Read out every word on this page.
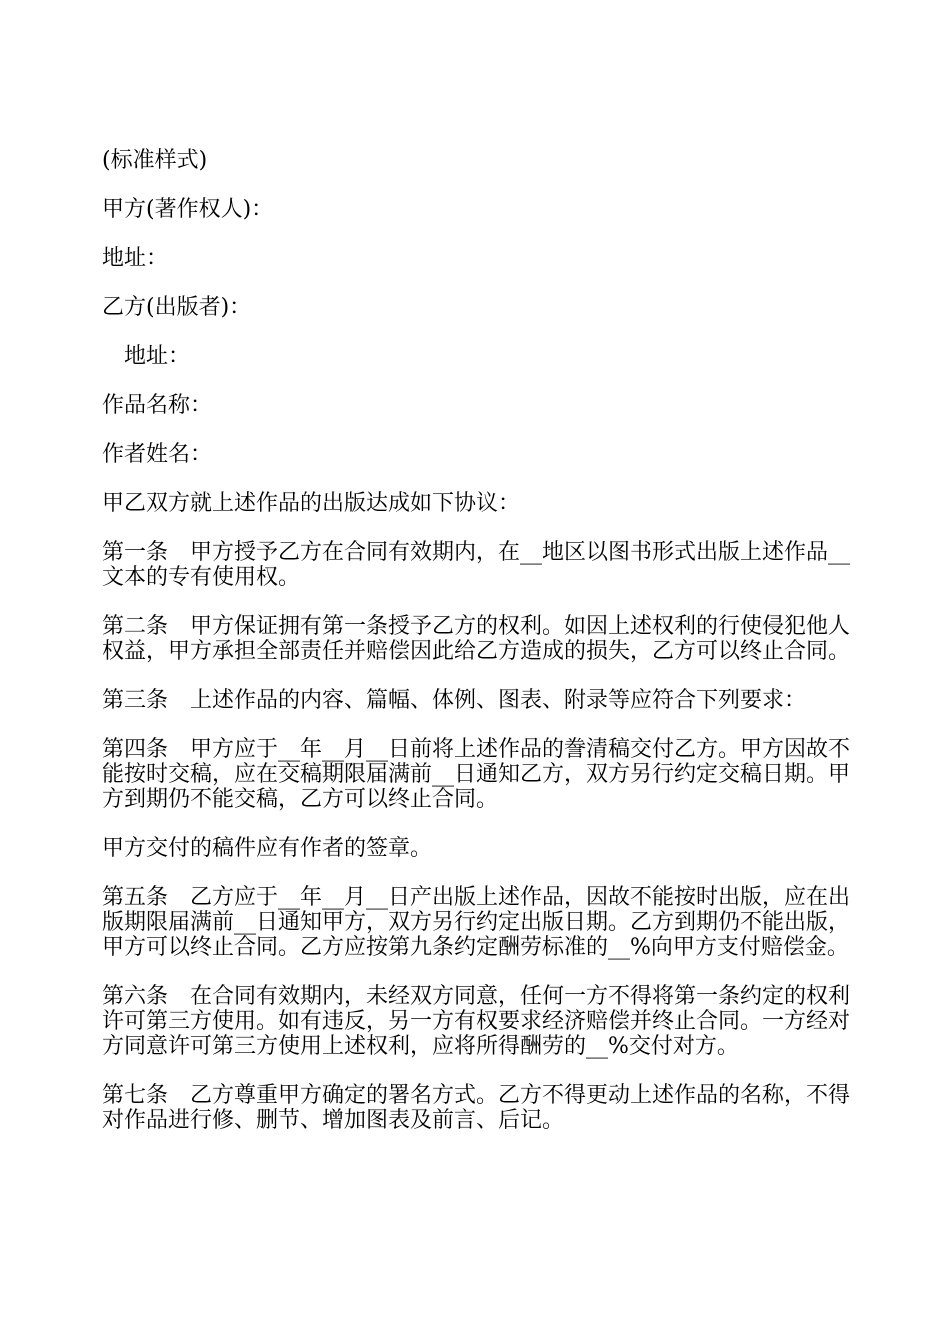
(标准样式)

甲方(著作权人)：

地址：

乙方(出版者)：

地址：

作品名称：

作者姓名：

甲乙双方就上述作品的出版达成如下协议：

第一条　甲方授予乙方在合同有效期内，在__地区以图书形式出版上述作品__文本的专有使用权。

第二条　甲方保证拥有第一条授予乙方的权利。如因上述权利的行使侵犯他人权益，甲方承担全部责任并赔偿因此给乙方造成的损失，乙方可以终止合同。

第三条　上述作品的内容、篇幅、体例、图表、附录等应符合下列要求：

第四条　甲方应于__年__月__日前将上述作品的誊清稿交付乙方。甲方因故不能按时交稿，应在交稿期限届满前__日通知乙方，双方另行约定交稿日期。甲方到期仍不能交稿，乙方可以终止合同。

甲方交付的稿件应有作者的签章。

第五条　乙方应于__年__月__日产出版上述作品，因故不能按时出版，应在出版期限届满前__日通知甲方，双方另行约定出版日期。乙方到期仍不能出版，甲方可以终止合同。乙方应按第九条约定酬劳标准的__%向甲方支付赔偿金。

第六条　在合同有效期内，未经双方同意，任何一方不得将第一条约定的权利许可第三方使用。如有违反，另一方有权要求经济赔偿并终止合同。一方经对方同意许可第三方使用上述权利，应将所得酬劳的__%交付对方。

第七条　乙方尊重甲方确定的署名方式。乙方不得更动上述作品的名称，不得对作品进行修、删节、增加图表及前言、后记。
